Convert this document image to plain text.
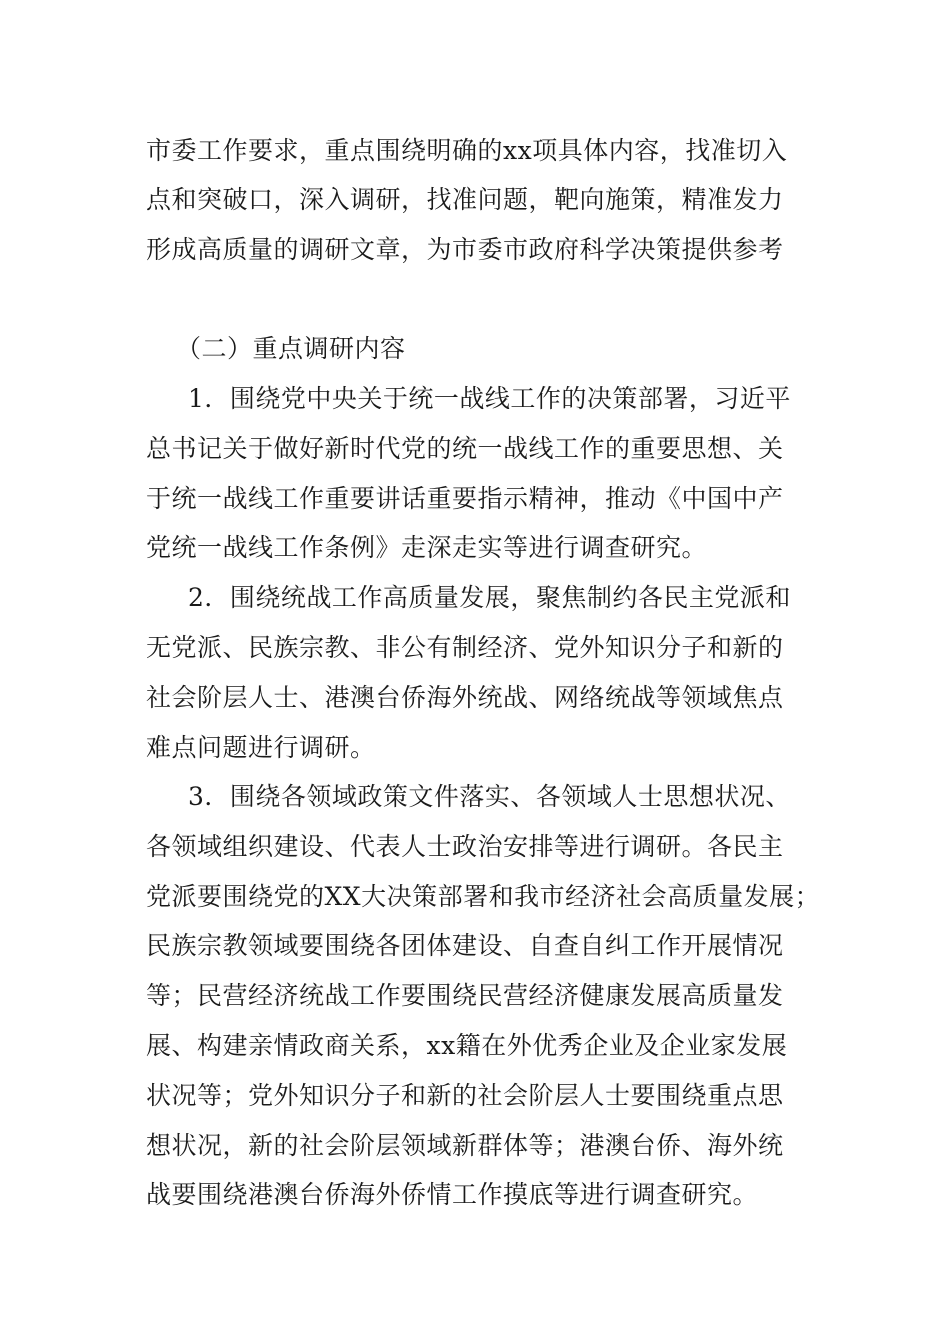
市委工作要求，重点围绕明确的xx项具体内容，找准切入
点和突破口，深入调研，找准问题，靶向施策，精准发力
形成高质量的调研文章，为市委市政府科学决策提供参考
（二）重点调研内容
1．围绕党中央关于统一战线工作的决策部署，习近平
总书记关于做好新时代党的统一战线工作的重要思想、关
于统一战线工作重要讲话重要指示精神，推动《中国中产
党统一战线工作条例》走深走实等进行调查研究。
2．围绕统战工作高质量发展，聚焦制约各民主党派和
无党派、民族宗教、非公有制经济、党外知识分子和新的
社会阶层人士、港澳台侨海外统战、网络统战等领域焦点
难点问题进行调研。
3．围绕各领域政策文件落实、各领域人士思想状况、
各领域组织建设、代表人士政治安排等进行调研。各民主
党派要围绕党的XX大决策部署和我市经济社会高质量发展；
民族宗教领域要围绕各团体建设、自查自纠工作开展情况
等；民营经济统战工作要围绕民营经济健康发展高质量发
展、构建亲情政商关系，xx籍在外优秀企业及企业家发展
状况等；党外知识分子和新的社会阶层人士要围绕重点思
想状况，新的社会阶层领域新群体等；港澳台侨、海外统
战要围绕港澳台侨海外侨情工作摸底等进行调查研究。
